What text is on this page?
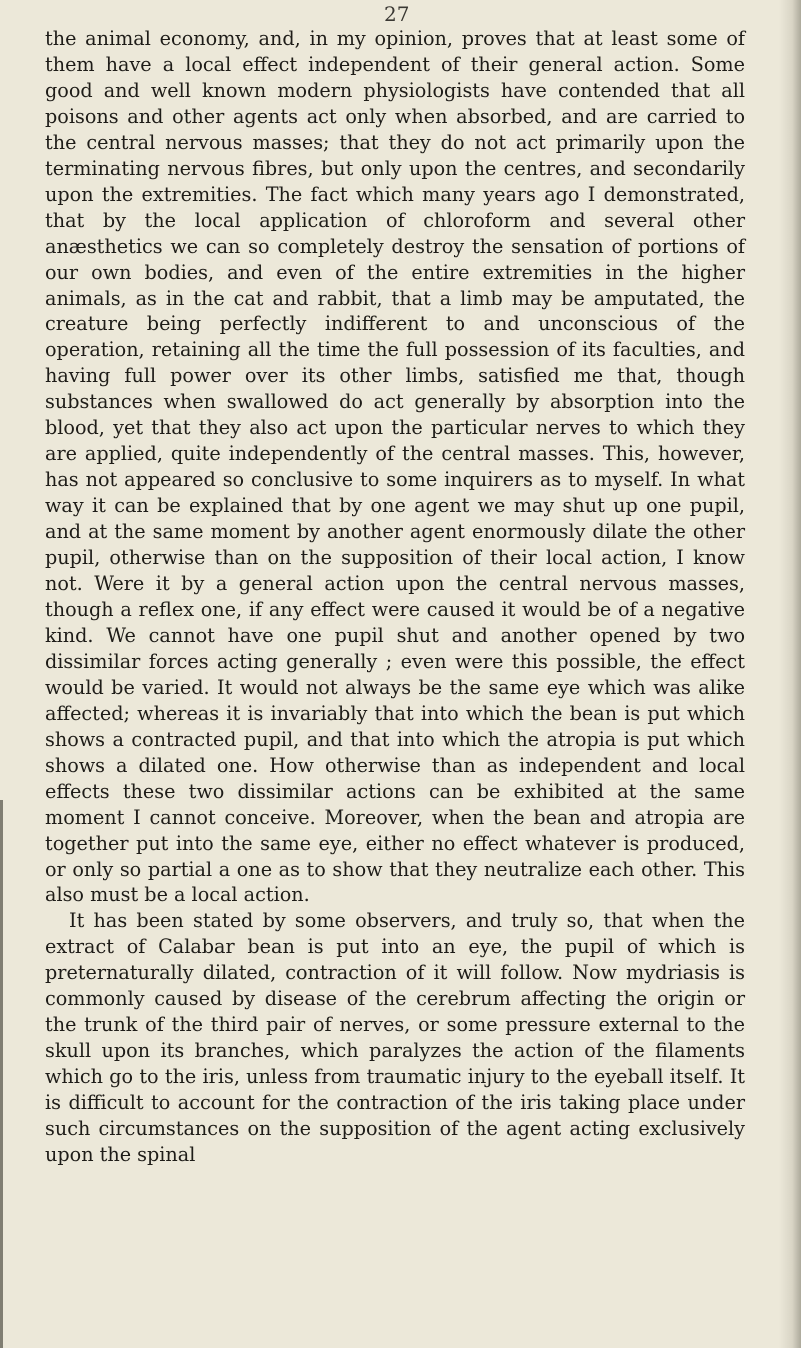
27

the animal economy, and, in my opinion, proves that at least some of them have a local effect independent of their general action. Some good and well known modern physiologists have contended that all poisons and other agents act only when absorbed, and are carried to the central nervous masses; that they do not act primarily upon the terminating nervous fibres, but only upon the centres, and secondarily upon the extremities. The fact which many years ago I demonstrated, that by the local application of chloroform and several other anæsthetics we can so completely destroy the sensation of portions of our own bodies, and even of the entire extremities in the higher animals, as in the cat and rabbit, that a limb may be amputated, the creature being perfectly indifferent to and unconscious of the operation, retaining all the time the full possession of its faculties, and having full power over its other limbs, satisfied me that, though substances when swallowed do act generally by absorption into the blood, yet that they also act upon the particular nerves to which they are applied, quite independently of the central masses. This, however, has not appeared so conclusive to some inquirers as to myself. In what way it can be explained that by one agent we may shut up one pupil, and at the same moment by another agent enormously dilate the other pupil, otherwise than on the supposition of their local action, I know not. Were it by a general action upon the central nervous masses, though a reflex one, if any effect were caused it would be of a negative kind. We cannot have one pupil shut and another opened by two dissimilar forces acting generally ; even were this possible, the effect would be varied. It would not always be the same eye which was alike affected; whereas it is invariably that into which the bean is put which shows a contracted pupil, and that into which the atropia is put which shows a dilated one. How otherwise than as independent and local effects these two dissimilar actions can be exhibited at the same moment I cannot conceive. Moreover, when the bean and atropia are together put into the same eye, either no effect whatever is produced, or only so partial a one as to show that they neutralize each other. This also must be a local action.

It has been stated by some observers, and truly so, that when the extract of Calabar bean is put into an eye, the pupil of which is preternaturally dilated, contraction of it will follow. Now mydriasis is commonly caused by disease of the cerebrum affecting the origin or the trunk of the third pair of nerves, or some pressure external to the skull upon its branches, which paralyzes the action of the filaments which go to the iris, unless from traumatic injury to the eyeball itself. It is difficult to account for the contraction of the iris taking place under such circumstances on the supposition of the agent acting exclusively upon the spinal
